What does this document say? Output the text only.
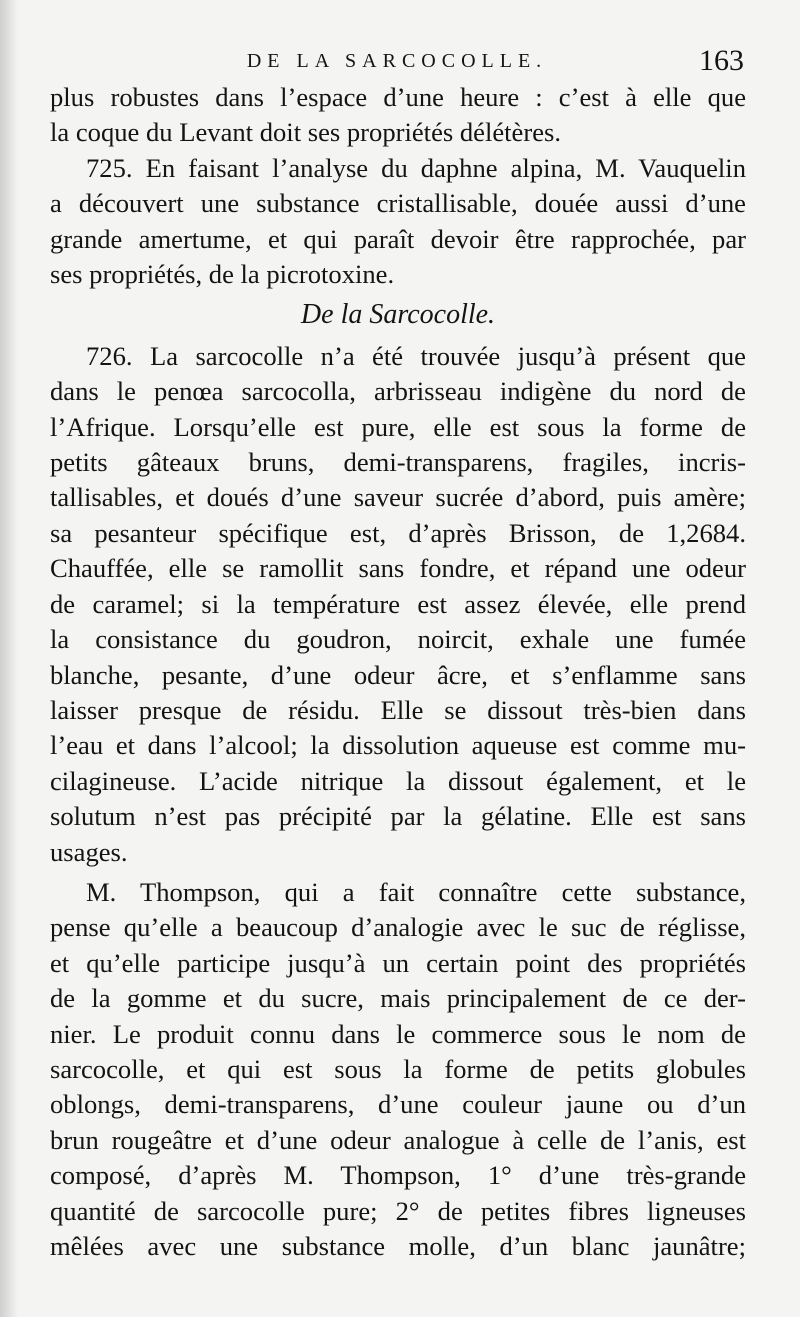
DE LA SARCOCOLLE.	163
plus robustes dans l’espace d’une heure : c’est à elle que
la coque du Levant doit ses propriétés délétères.
725. En faisant l’analyse du daphne alpina, M. Vauquelin
a découvert une substance cristallisable, douée aussi d’une
grande amertume, et qui paraît devoir être rapprochée, par
ses propriétés, de la picrotoxine.
De la Sarcocolle.
726. La sarcocolle n’a été trouvée jusqu’à présent que
dans le penœa sarcocolla, arbrisseau indigène du nord de
l’Afrique. Lorsqu’elle est pure, elle est sous la forme de
petits gâteaux bruns, demi-transparens, fragiles, incris-
tallisables, et doués d’une saveur sucrée d’abord, puis amère;
sa pesanteur spécifique est, d’après Brisson, de 1,2684.
Chauffée, elle se ramollit sans fondre, et répand une odeur
de caramel; si la température est assez élevée, elle prend
la consistance du goudron, noircit, exhale une fumée
blanche, pesante, d’une odeur âcre, et s’enflamme sans
laisser presque de résidu. Elle se dissout très-bien dans
l’eau et dans l’alcool; la dissolution aqueuse est comme mu-
cilagineuse. L’acide nitrique la dissout également, et le
solutum n’est pas précipité par la gélatine. Elle est sans
usages.
M. Thompson, qui a fait connaître cette substance,
pense qu’elle a beaucoup d’analogie avec le suc de réglisse,
et qu’elle participe jusqu’à un certain point des propriétés
de la gomme et du sucre, mais principalement de ce der-
nier. Le produit connu dans le commerce sous le nom de
sarcocolle, et qui est sous la forme de petits globules
oblongs, demi-transparens, d’une couleur jaune ou d’un
brun rougeâtre et d’une odeur analogue à celle de l’anis, est
composé, d’après M. Thompson, 1° d’une très-grande
quantité de sarcocolle pure; 2° de petites fibres ligneuses
mêlées avec une substance molle, d’un blanc jaunâtre;
